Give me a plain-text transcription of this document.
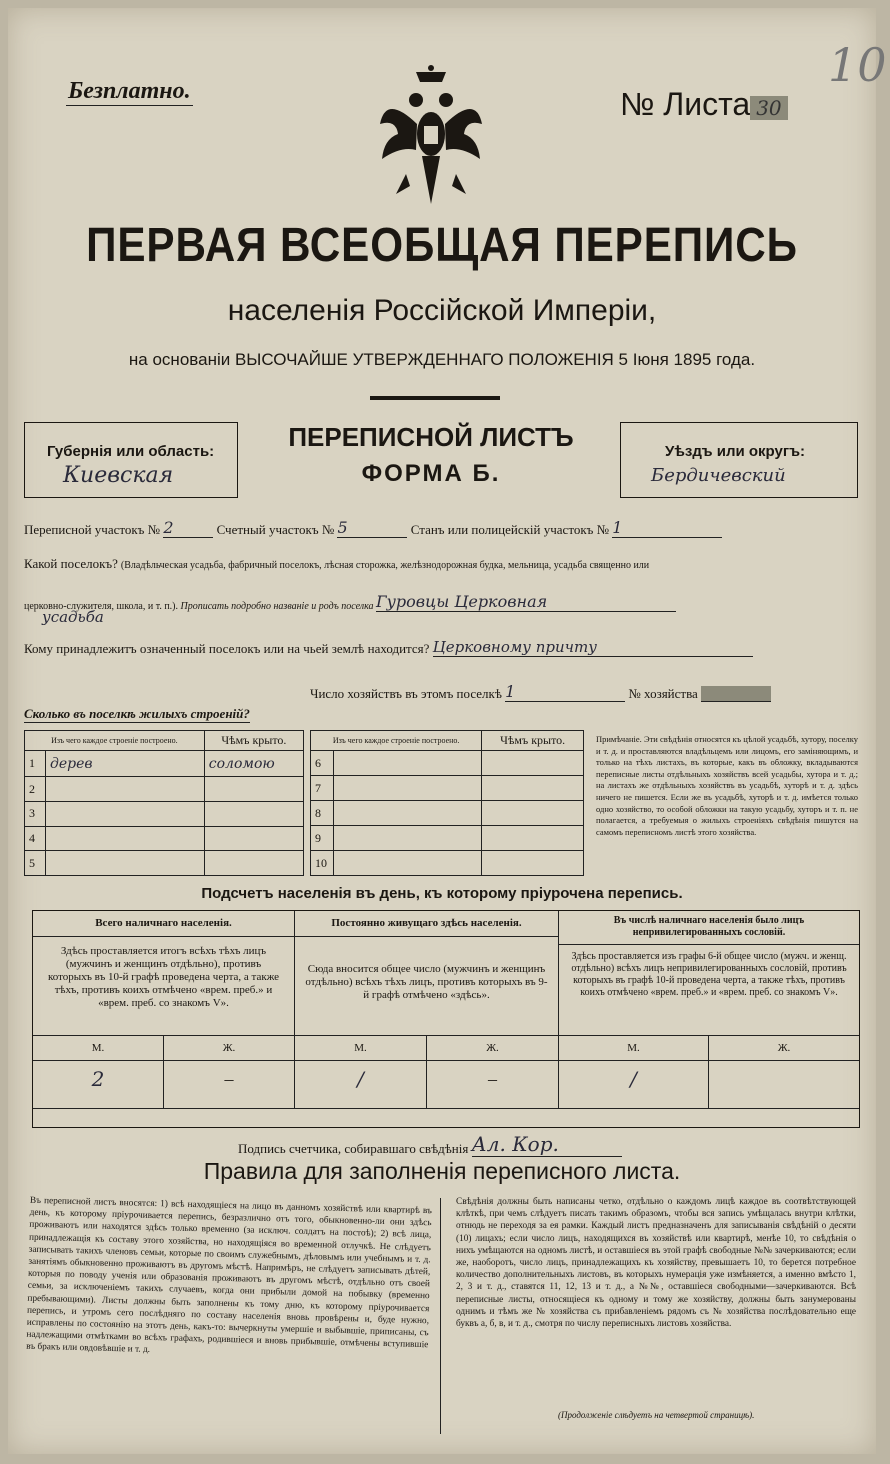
Безплатно.	№ Листа 30
10
ПЕРВАЯ ВСЕОБЩАЯ ПЕРЕПИСЬ
населенія Россійской Имперіи,
на основаніи ВЫСОЧАЙШЕ УТВЕРЖДЕННАГО ПОЛОЖЕНІЯ 5 Іюня 1895 года.
Губернія или область:
Киевская
ПЕРЕПИСНОЙ ЛИСТЪ
ФОРМА Б.
Уѣздъ или округъ:
Бердичевский
Переписной участокъ № 2	Счетный участокъ № 5	Станъ или полицейскій участокъ № 1
Какой поселокъ? (Владѣльческая усадьба, фабричный поселокъ, лѣсная сторожка, желѣзнодорожная будка, мельница, усадьба священно или
церковно-служителя, школа, и т. п.). Прописать подробно названіе и родъ поселка Гуровцы Церковная
усадьба
Кому принадлежитъ означенный поселокъ или на чьей землѣ находится? Церковному причту
Число хозяйствъ въ этомъ поселкѣ 1	№ хозяйства
Сколько въ поселкѣ жилыхъ строеній?
Изъ чего каждое строеніе построено.		Чѣмъ крыто.
1	дерев	соломою
2		
3		
4		
5		
Изъ чего каждое строеніе построено.		Чѣмъ крыто.
6		
7		
8		
9		
10		
Примѣчаніе. Эти свѣдѣнія относятся къ цѣлой усадьбѣ, хутору, поселку и т. д. и проставляются владѣльцемъ или лицомъ, его заміняющимъ, и только на тѣхъ листахъ, въ которые, какъ въ обложку, вкладываются переписные листы отдѣльныхъ хозяйствъ всей усадьбы, хутора и т. д.; на листахъ же отдѣльныхъ хозяйствъ въ усадьбѣ, хуторѣ и т. д. здѣсь ничего не пишется. Если же въ усадьбѣ, хуторѣ и т. д. имѣется только одно хозяйство, то особой обложки на такую усадьбу, хуторъ и т. п. не полагается, а требуемыя о жилыхъ строеніяхъ свѣдѣнія пишутся на самомъ переписномъ листѣ этого хозяйства.
Подсчетъ населенія въ день, къ которому пріурочена перепись.
Всего наличнаго населенія.	Постоянно живущаго здѣсь населенія.	Въ числѣ наличнаго населенія было лицъ непривилегированныхъ сословій.
Здѣсь проставляется итогъ всѣхъ тѣхъ лицъ (мужчинъ и женщинъ отдѣльно), противъ которыхъ въ 10-й графѣ проведена черта, а также тѣхъ, противъ коихъ отмѣчено «врем. преб.» и «врем. преб. со знакомъ V».
Сюда вносится общее число (мужчинъ и женщинъ отдѣльно) всѣхъ тѣхъ лицъ, противъ которыхъ въ 9-й графѣ отмѣчено «здѣсь».
Здѣсь проставляется изъ графы 6-й общее число (мужч. и женщ. отдѣльно) всѣхъ лицъ непривилегированныхъ сословій, противъ которыхъ въ графѣ 10-й проведена черта, а также тѣхъ, противъ коихъ отмѣчено «врем. преб.» и «врем. преб. со знакомъ V».
М.	Ж.	М.	Ж.	М.	Ж.
2	–	/	–	/
Подпись счетчика, собиравшаго свѣдѣнія Ал. Кор.
Правила для заполненія переписного листа.
Въ переписной листъ вносятся: 1) всѣ находящіеся на лицо въ данномъ хозяйствѣ или квартирѣ въ день, къ которому пріурочивается перепись, безразлично отъ того, обыкновенно-ли они здѣсь проживаютъ или находятся здѣсь только временно (за исключ. солдатъ на постоѣ); 2) всѣ лица, принадлежащія къ составу этого хозяйства, но находящіяся во временной отлучкѣ. Не слѣдуетъ записывать такихъ членовъ семьи, которые по своимъ служебнымъ, дѣловымъ или учебнымъ и т. д. занятіямъ обыкновенно проживаютъ въ другомъ мѣстѣ. Напримѣръ, не слѣдуетъ записывать дѣтей, которыя по поводу ученія или образованія проживаютъ въ другомъ мѣстѣ, отдѣльно отъ своей семьи, за исключеніемъ такихъ случаевъ, когда они прибыли домой на побывку (временно пребывающими). Листы должны быть заполнены къ тому дню, къ которому пріурочивается перепись, и утромъ сего послѣдняго по составу населенія вновь провѣрены и, буде нужно, исправлены по состоянію на этотъ день, какъ-то: вычеркнуты умершіе и выбывшіе, приписаны, съ надлежащими отмѣтками во всѣхъ графахъ, родившіеся и вновь прибывшіе, отмѣчены вступившіе въ бракъ или овдовѣвшіе и т. д.
Свѣдѣнія должны быть написаны четко, отдѣльно о каждомъ лицѣ каждое въ соотвѣтствующей клѣткѣ, при чемъ слѣдуетъ писать такимъ образомъ, чтобы вся запись умѣщалась внутри клѣтки, отнюдь не переходя за ея рамки. Каждый листъ предназначенъ для записыванія свѣдѣній о десяти (10) лицахъ; если число лицъ, находящихся въ хозяйствѣ или квартирѣ, менѣе 10, то свѣдѣнія о нихъ умѣщаются на одномъ листѣ, и оставшіеся въ этой графѣ свободные №№ зачеркиваются; если же, наоборотъ, число лицъ, принадлежащихъ къ хозяйству, превышаетъ 10, то берется потребное количество дополнительныхъ листовъ, въ которыхъ нумерація уже измѣняется, а именно вмѣсто 1, 2, 3 и т. д., ставятся 11, 12, 13 и т. д., а №№, оставшіеся свободными—зачеркиваются. Всѣ переписные листы, относящіеся къ одному и тому же хозяйству, должны быть занумерованы однимъ и тѣмъ же № хозяйства съ прибавленіемъ рядомъ съ № хозяйства послѣдовательно еще буквъ а, б, в, и т. д., смотря по числу переписныхъ листовъ хозяйства.
(Продолженіе слѣдуетъ на четвертой страницѣ).
